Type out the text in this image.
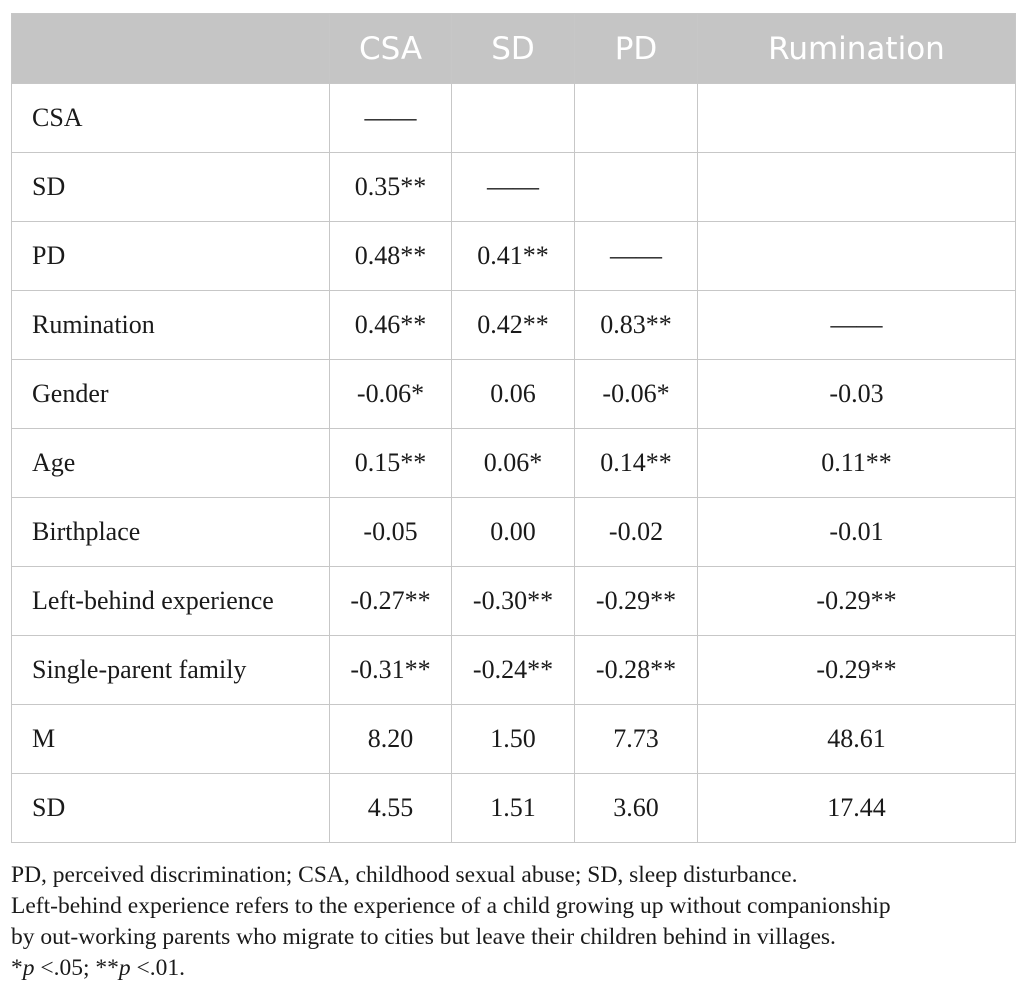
	CSA	SD	PD	Rumination
CSA	——			
SD	0.35**	——		
PD	0.48**	0.41**	——	
Rumination	0.46**	0.42**	0.83**	——
Gender	-0.06*	0.06	-0.06*	-0.03
Age	0.15**	0.06*	0.14**	0.11**
Birthplace	-0.05	0.00	-0.02	-0.01
Left-behind experience	-0.27**	-0.30**	-0.29**	-0.29**
Single-parent family	-0.31**	-0.24**	-0.28**	-0.29**
M	8.20	1.50	7.73	48.61
SD	4.55	1.51	3.60	17.44

PD, perceived discrimination; CSA, childhood sexual abuse; SD, sleep disturbance.

Left-behind experience refers to the experience of a child growing up without companionship

by out-working parents who migrate to cities but leave their children behind in villages.

*p <.05; **p <.01.
